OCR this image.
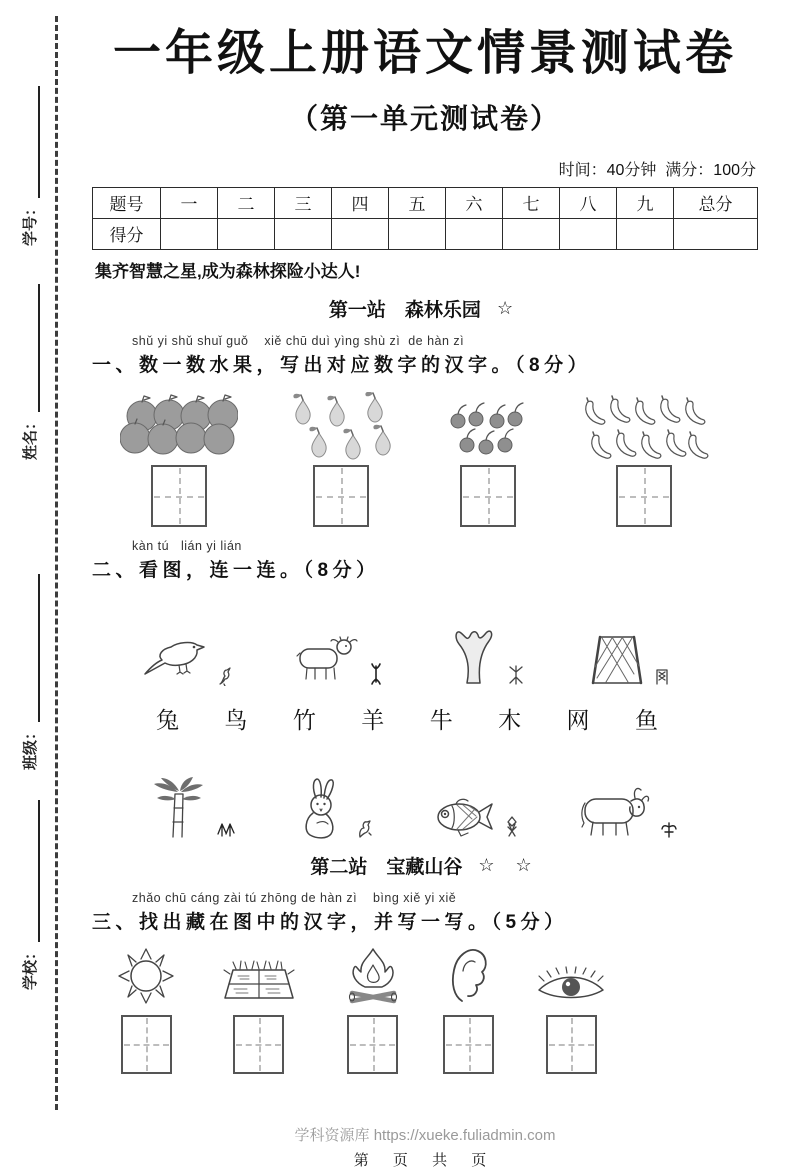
学号：
姓名：
班级：
学校：
一年级上册语文情景测试卷
（第一单元测试卷）
时间：40分钟  满分：100分
题号	一	二	三	四	五	六	七	八	九	总分
得分										
集齐智慧之星,成为森林探险小达人!
第一站　森林乐园 ☆
shǔ yi shǔ shuǐ guǒ    xiě chū duì yìng shù zì  de hàn zì
一、数一数水果，写出对应数字的汉字。（8分）
kàn tú   lián yi lián
二、看图，连一连。（8分）
兔 鸟 竹 羊 牛 木 网 鱼
第二站　宝藏山谷 ☆ ☆
zhǎo chū cáng zài tú zhōng de hàn zì    bìng xiě yi xiě
三、找出藏在图中的汉字，并写一写。（5分）
学科资源库 https://xueke.fuliadmin.com
第 页 共 页
